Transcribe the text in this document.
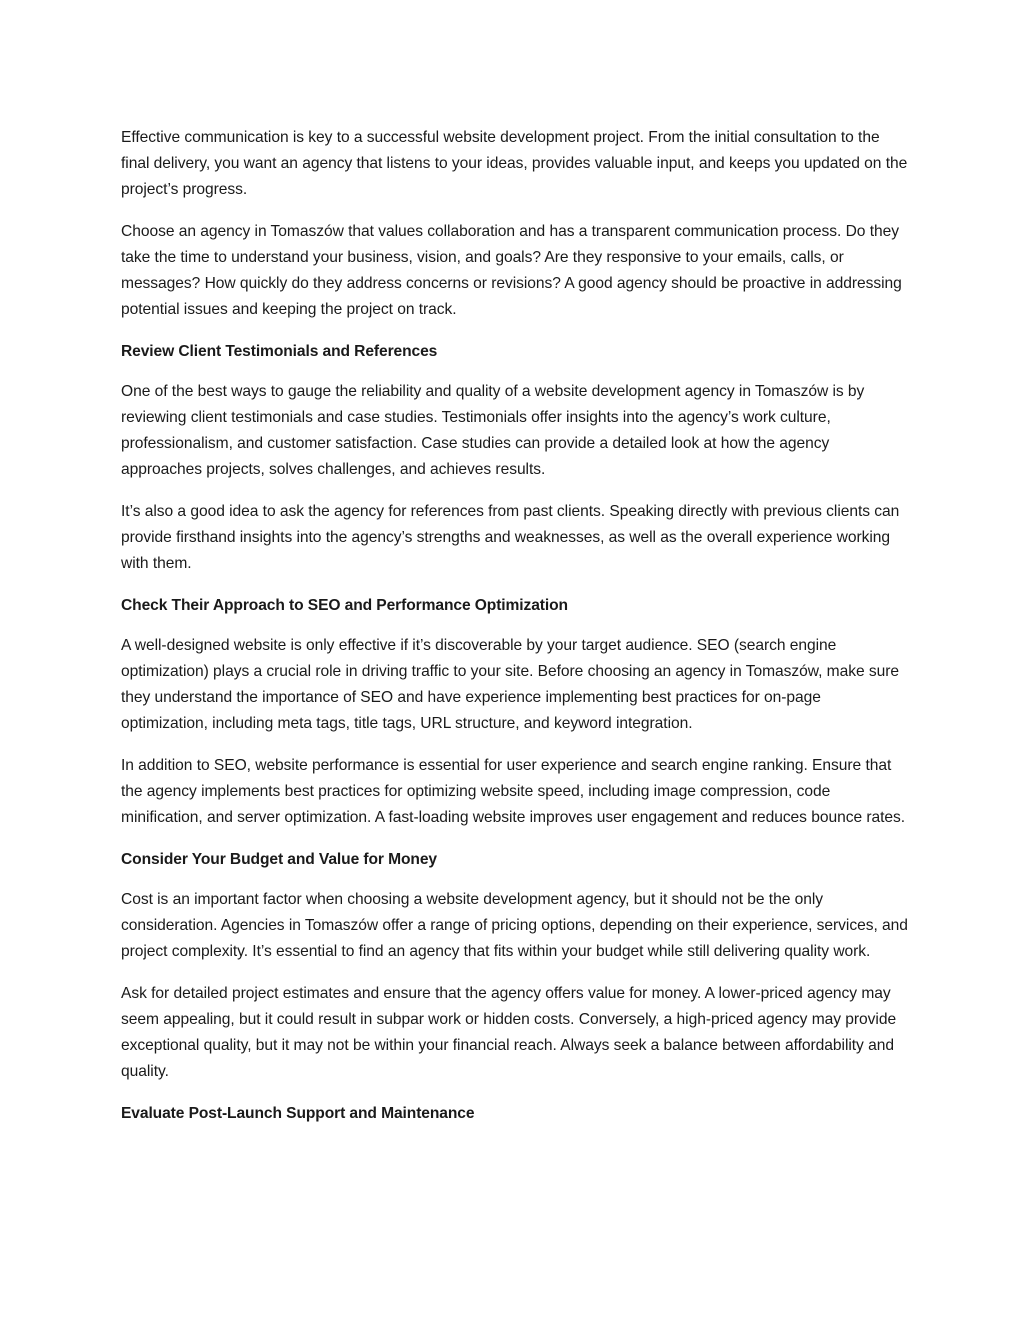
Effective communication is key to a successful website development project. From the initial consultation to the final delivery, you want an agency that listens to your ideas, provides valuable input, and keeps you updated on the project’s progress.

Choose an agency in Tomaszów that values collaboration and has a transparent communication process. Do they take the time to understand your business, vision, and goals? Are they responsive to your emails, calls, or messages? How quickly do they address concerns or revisions? A good agency should be proactive in addressing potential issues and keeping the project on track.

Review Client Testimonials and References

One of the best ways to gauge the reliability and quality of a website development agency in Tomaszów is by reviewing client testimonials and case studies. Testimonials offer insights into the agency’s work culture, professionalism, and customer satisfaction. Case studies can provide a detailed look at how the agency approaches projects, solves challenges, and achieves results.

It’s also a good idea to ask the agency for references from past clients. Speaking directly with previous clients can provide firsthand insights into the agency’s strengths and weaknesses, as well as the overall experience working with them.

Check Their Approach to SEO and Performance Optimization

A well-designed website is only effective if it’s discoverable by your target audience. SEO (search engine optimization) plays a crucial role in driving traffic to your site. Before choosing an agency in Tomaszów, make sure they understand the importance of SEO and have experience implementing best practices for on-page optimization, including meta tags, title tags, URL structure, and keyword integration.

In addition to SEO, website performance is essential for user experience and search engine ranking. Ensure that the agency implements best practices for optimizing website speed, including image compression, code minification, and server optimization. A fast-loading website improves user engagement and reduces bounce rates.

Consider Your Budget and Value for Money

Cost is an important factor when choosing a website development agency, but it should not be the only consideration. Agencies in Tomaszów offer a range of pricing options, depending on their experience, services, and project complexity. It’s essential to find an agency that fits within your budget while still delivering quality work.

Ask for detailed project estimates and ensure that the agency offers value for money. A lower-priced agency may seem appealing, but it could result in subpar work or hidden costs. Conversely, a high-priced agency may provide exceptional quality, but it may not be within your financial reach. Always seek a balance between affordability and quality.

Evaluate Post-Launch Support and Maintenance
